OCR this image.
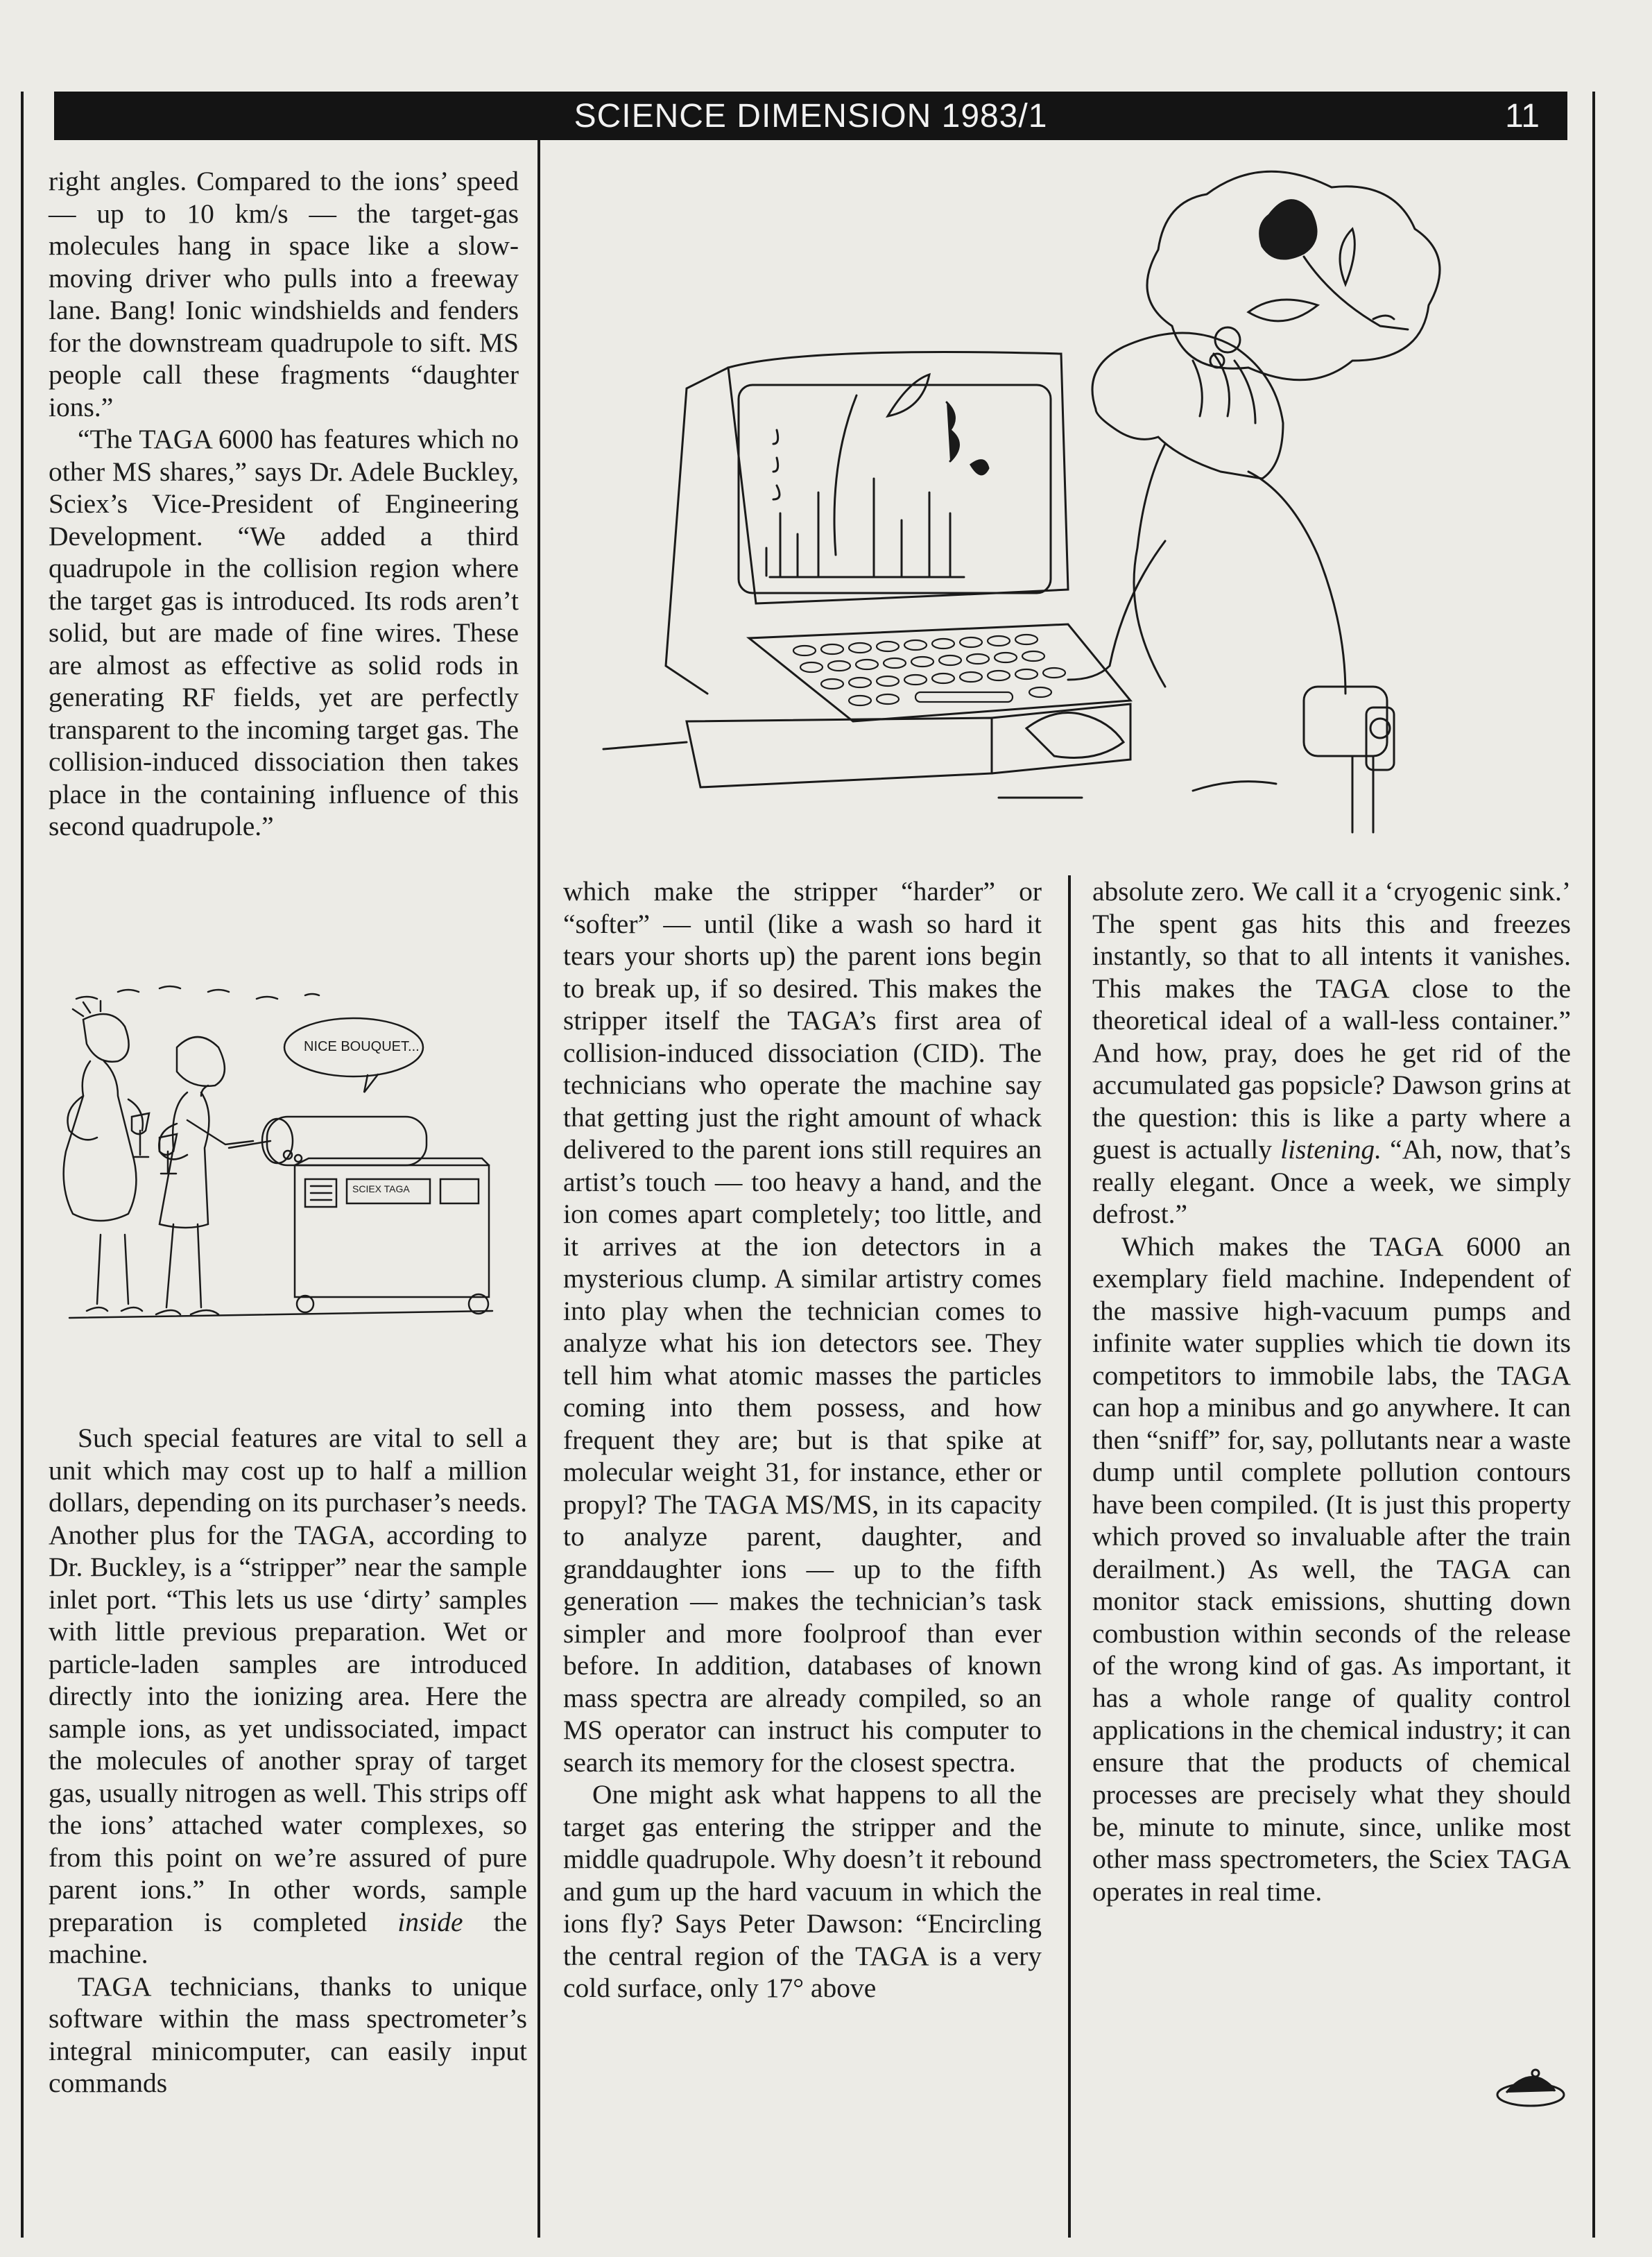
SCIENCE DIMENSION 1983/1	11

right angles. Compared to the ions’ speed — up to 10 km/s — the target-gas molecules hang in space like a slow-moving driver who pulls into a freeway lane. Bang! Ionic windshields and fenders for the downstream quadrupole to sift. MS people call these fragments “daughter ions.”

“The TAGA 6000 has features which no other MS shares,” says Dr. Adele Buckley, Sciex’s Vice-President of Engineering Development. “We added a third quadrupole in the collision region where the target gas is introduced. Its rods aren’t solid, but are made of fine wires. These are almost as effective as solid rods in generating RF fields, yet are perfectly transparent to the incoming target gas. The collision-induced dissociation then takes place in the containing influence of this second quadrupole.”

NICE BOUQUET...
SCIEX TAGA

Such special features are vital to sell a unit which may cost up to half a million dollars, depending on its purchaser’s needs. Another plus for the TAGA, according to Dr. Buckley, is a “stripper” near the sample inlet port. “This lets us use ‘dirty’ samples with little previous preparation. Wet or particle-laden samples are introduced directly into the ionizing area. Here the sample ions, as yet undissociated, impact the molecules of another spray of target gas, usually nitrogen as well. This strips off the ions’ attached water complexes, so from this point on we’re assured of pure parent ions.” In other words, sample preparation is completed inside the machine.

TAGA technicians, thanks to unique software within the mass spectrometer’s integral minicomputer, can easily input commands

which make the stripper “harder” or “softer” — until (like a wash so hard it tears your shorts up) the parent ions begin to break up, if so desired. This makes the stripper itself the TAGA’s first area of collision-induced dissociation (CID). The technicians who operate the machine say that getting just the right amount of whack delivered to the parent ions still requires an artist’s touch — too heavy a hand, and the ion comes apart completely; too little, and it arrives at the ion detectors in a mysterious clump. A similar artistry comes into play when the technician comes to analyze what his ion detectors see. They tell him what atomic masses the particles coming into them possess, and how frequent they are; but is that spike at molecular weight 31, for instance, ether or propyl? The TAGA MS/MS, in its capacity to analyze parent, daughter, and granddaughter ions — up to the fifth generation — makes the technician’s task simpler and more foolproof than ever before. In addition, databases of known mass spectra are already compiled, so an MS operator can instruct his computer to search its memory for the closest spectra.

One might ask what happens to all the target gas entering the stripper and the middle quadrupole. Why doesn’t it rebound and gum up the hard vacuum in which the ions fly? Says Peter Dawson: “Encircling the central region of the TAGA is a very cold surface, only 17° above

absolute zero. We call it a ‘cryogenic sink.’ The spent gas hits this and freezes instantly, so that to all intents it vanishes. This makes the TAGA close to the theoretical ideal of a wall-less container.” And how, pray, does he get rid of the accumulated gas popsicle? Dawson grins at the question: this is like a party where a guest is actually listening. “Ah, now, that’s really elegant. Once a week, we simply defrost.”

Which makes the TAGA 6000 an exemplary field machine. Independent of the massive high-vacuum pumps and infinite water supplies which tie down its competitors to immobile labs, the TAGA can hop a minibus and go anywhere. It can then “sniff” for, say, pollutants near a waste dump until complete pollution contours have been compiled. (It is just this property which proved so invaluable after the train derailment.) As well, the TAGA can monitor stack emissions, shutting down combustion within seconds of the release of the wrong kind of gas. As important, it has a whole range of quality control applications in the chemical industry; it can ensure that the products of chemical processes are precisely what they should be, minute to minute, since, unlike most other mass spectrometers, the Sciex TAGA operates in real time.
